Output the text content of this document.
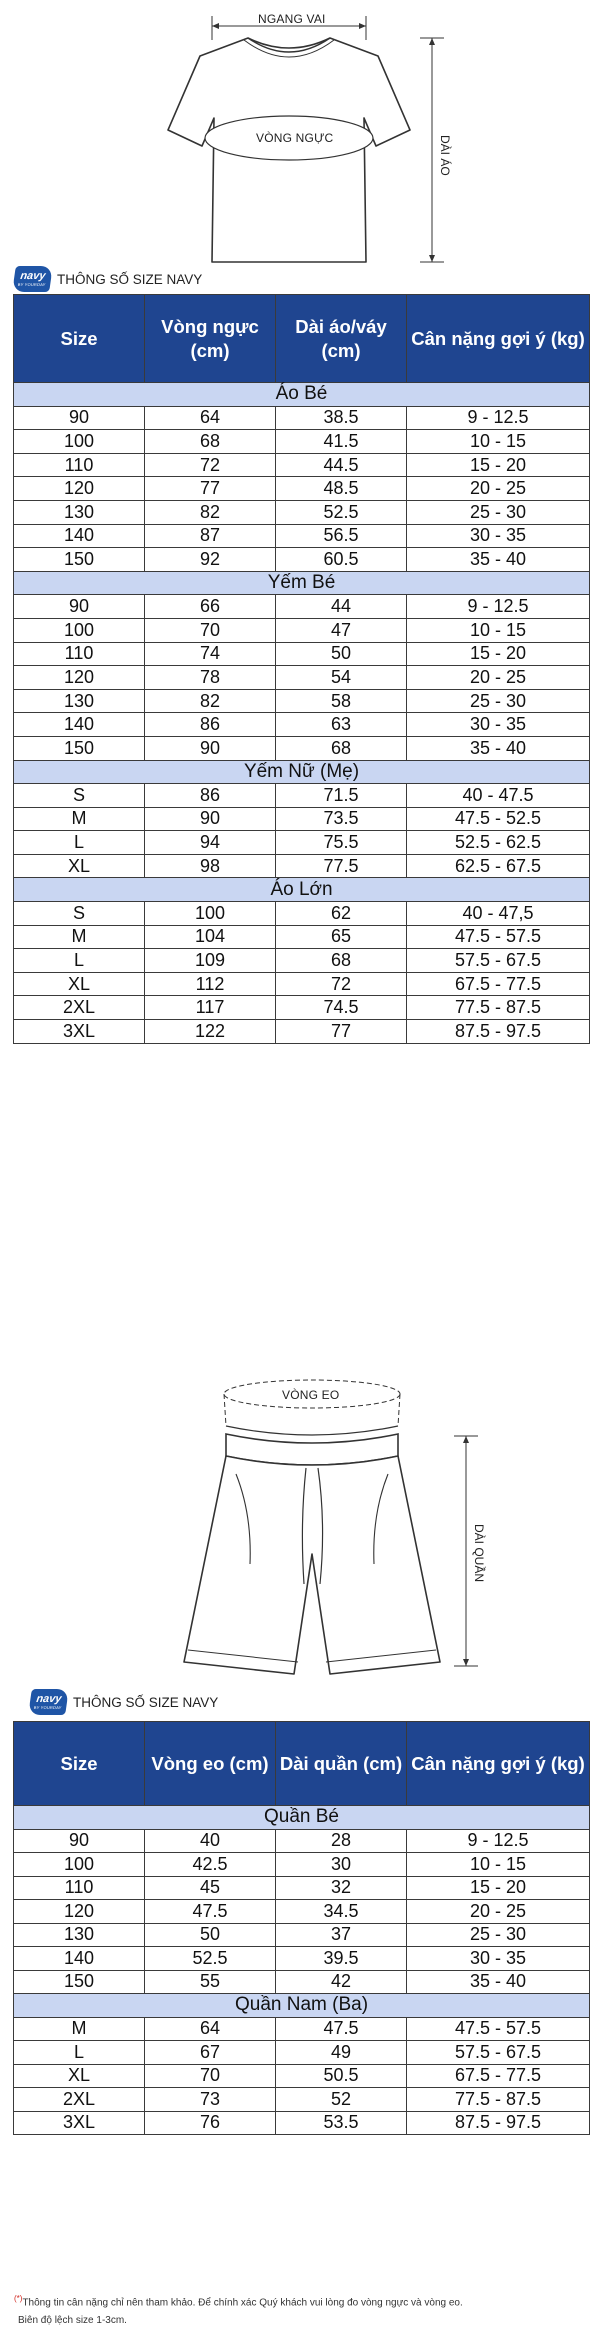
NGANG VAI
VÒNG NGỰC	DÀI ÁO
navy
BY YOURDAY THÔNG SỐ SIZE NAVY
Size	Vòng ngực (cm)	Dài áo/váy (cm)	Cân nặng gợi ý (kg)
Áo Bé			
90	64	38.5	9 - 12.5
100	68	41.5	10 - 15
110	72	44.5	15 - 20
120	77	48.5	20 - 25
130	82	52.5	25 - 30
140	87	56.5	30 - 35
150	92	60.5	35 - 40
Yếm Bé			
90	66	44	9 - 12.5
100	70	47	10 - 15
110	74	50	15 - 20
120	78	54	20 - 25
130	82	58	25 - 30
140	86	63	30 - 35
150	90	68	35 - 40
Yếm Nữ (Mẹ)			
S	86	71.5	40 - 47.5
M	90	73.5	47.5 - 52.5
L	94	75.5	52.5 - 62.5
XL	98	77.5	62.5 - 67.5
Áo Lớn			
S	100	62	40 - 47,5
M	104	65	47.5 - 57.5
L	109	68	57.5 - 67.5
XL	112	72	67.5 - 77.5
2XL	117	74.5	77.5 - 87.5
3XL	122	77	87.5 - 97.5
VÒNG EO
DÀI QUẦN
navy
BY YOURDAY THÔNG SỐ SIZE NAVY
Size	Vòng eo (cm)	Dài quần (cm)	Cân nặng gợi ý (kg)
Quần Bé			
90	40	28	9 - 12.5
100	42.5	30	10 - 15
110	45	32	15 - 20
120	47.5	34.5	20 - 25
130	50	37	25 - 30
140	52.5	39.5	30 - 35
150	55	42	35 - 40
Quần Nam (Ba)			
M	64	47.5	47.5 - 57.5
L	67	49	57.5 - 67.5
XL	70	50.5	67.5 - 77.5
2XL	73	52	77.5 - 87.5
3XL	76	53.5	87.5 - 97.5
(*)Thông tin cân nặng chỉ nên tham khảo. Để chính xác Quý khách vui lòng đo vòng ngực và vòng eo.
Biên độ lệch size 1-3cm.
